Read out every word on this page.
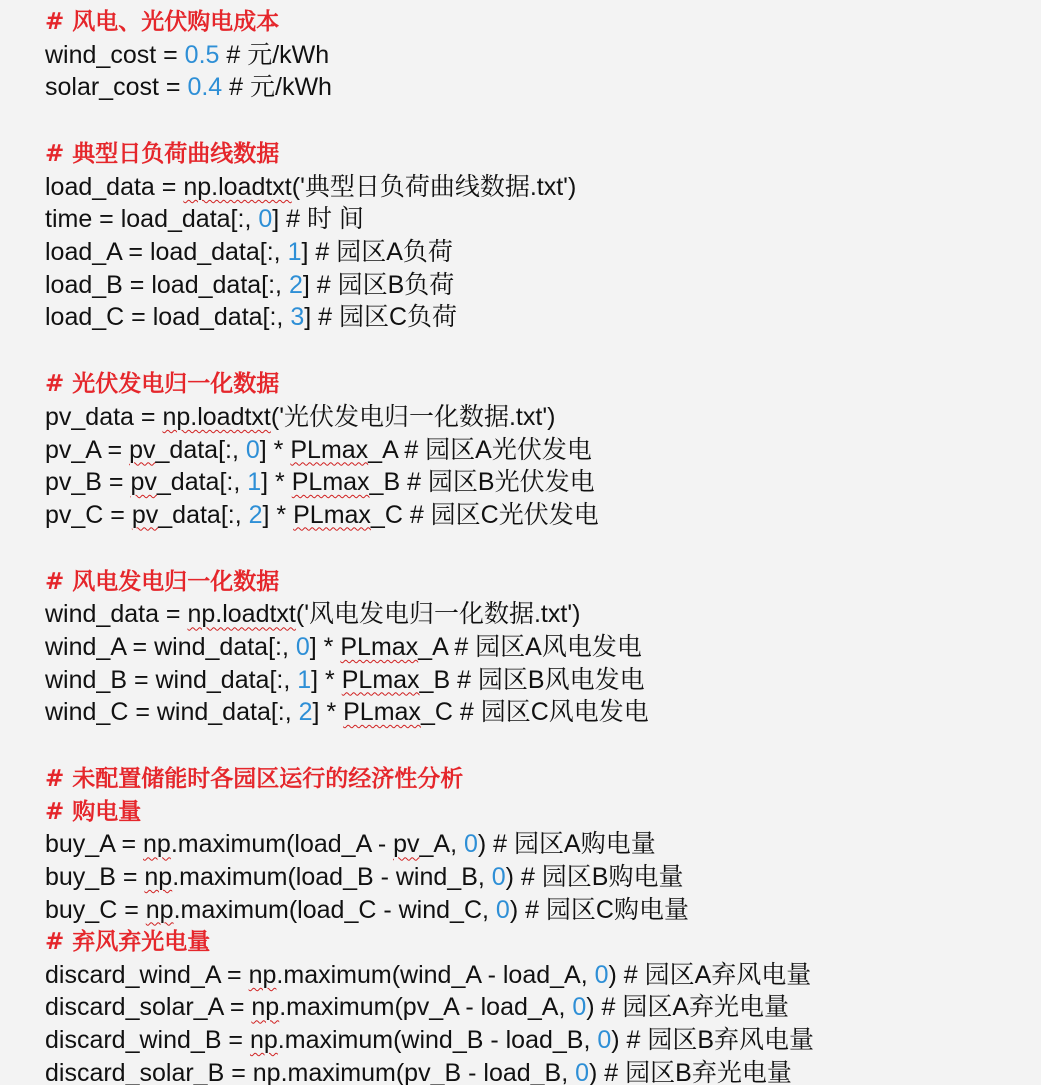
# 风电、光伏购电成本
wind_cost = 0.5 # 元/kWh
solar_cost = 0.4 # 元/kWh
# 典型日负荷曲线数据
load_data = np.loadtxt('典型日负荷曲线数据.txt')
time = load_data[:, 0] # 时 间
load_A = load_data[:, 1] # 园区A负荷
load_B = load_data[:, 2] # 园区B负荷
load_C = load_data[:, 3] # 园区C负荷
# 光伏发电归一化数据
pv_data = np.loadtxt('光伏发电归一化数据.txt')
pv_A = pv_data[:, 0] * PLmax_A # 园区A光伏发电
pv_B = pv_data[:, 1] * PLmax_B # 园区B光伏发电
pv_C = pv_data[:, 2] * PLmax_C # 园区C光伏发电
# 风电发电归一化数据
wind_data = np.loadtxt('风电发电归一化数据.txt')
wind_A = wind_data[:, 0] * PLmax_A # 园区A风电发电
wind_B = wind_data[:, 1] * PLmax_B # 园区B风电发电
wind_C = wind_data[:, 2] * PLmax_C # 园区C风电发电
# 未配置储能时各园区运行的经济性分析
# 购电量
buy_A = np.maximum(load_A - pv_A, 0) # 园区A购电量
buy_B = np.maximum(load_B - wind_B, 0) # 园区B购电量
buy_C = np.maximum(load_C - wind_C, 0) # 园区C购电量
# 弃风弃光电量
discard_wind_A = np.maximum(wind_A - load_A, 0) # 园区A弃风电量
discard_solar_A = np.maximum(pv_A - load_A, 0) # 园区A弃光电量
discard_wind_B = np.maximum(wind_B - load_B, 0) # 园区B弃风电量
discard_solar_B = np.maximum(pv_B - load_B, 0) # 园区B弃光电量
